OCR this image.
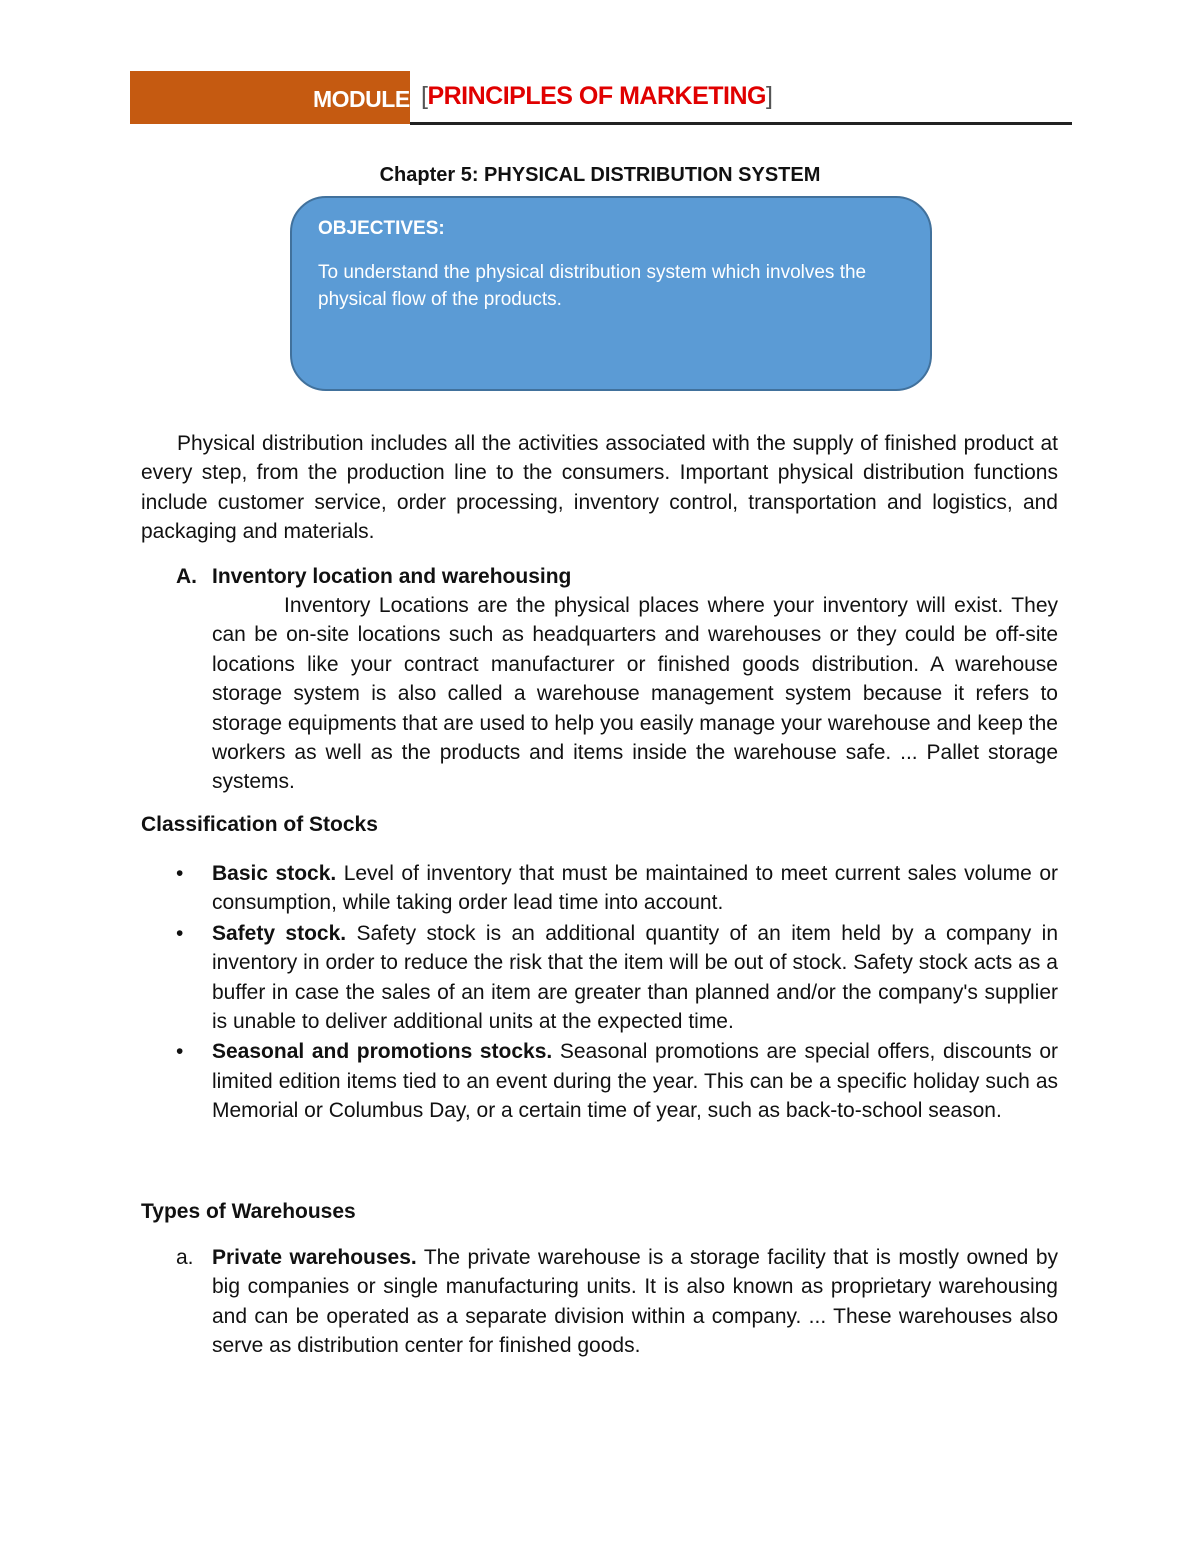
MODULE [PRINCIPLES OF MARKETING]
Chapter 5: PHYSICAL DISTRIBUTION SYSTEM
OBJECTIVES:
To understand the physical distribution system which involves the physical flow of the products.
Physical distribution includes all the activities associated with the supply of finished product at every step, from the production line to the consumers. Important physical distribution functions include customer service, order processing, inventory control, transportation and logistics, and packaging and materials.
A. Inventory location and warehousing
Inventory Locations are the physical places where your inventory will exist. They can be on-site locations such as headquarters and warehouses or they could be off-site locations like your contract manufacturer or finished goods distribution. A warehouse storage system is also called a warehouse management system because it refers to storage equipments that are used to help you easily manage your warehouse and keep the workers as well as the products and items inside the warehouse safe. ... Pallet storage systems.
Classification of Stocks
•	Basic stock. Level of inventory that must be maintained to meet current sales volume or consumption, while taking order lead time into account.
•	Safety stock. Safety stock is an additional quantity of an item held by a company in inventory in order to reduce the risk that the item will be out of stock. Safety stock acts as a buffer in case the sales of an item are greater than planned and/or the company's supplier is unable to deliver additional units at the expected time.
•	Seasonal and promotions stocks. Seasonal promotions are special offers, discounts or limited edition items tied to an event during the year. This can be a specific holiday such as Memorial or Columbus Day, or a certain time of year, such as back-to-school season.
Types of Warehouses
a. Private warehouses. The private warehouse is a storage facility that is mostly owned by big companies or single manufacturing units. It is also known as proprietary warehousing and can be operated as a separate division within a company. ... These warehouses also serve as distribution center for finished goods.
